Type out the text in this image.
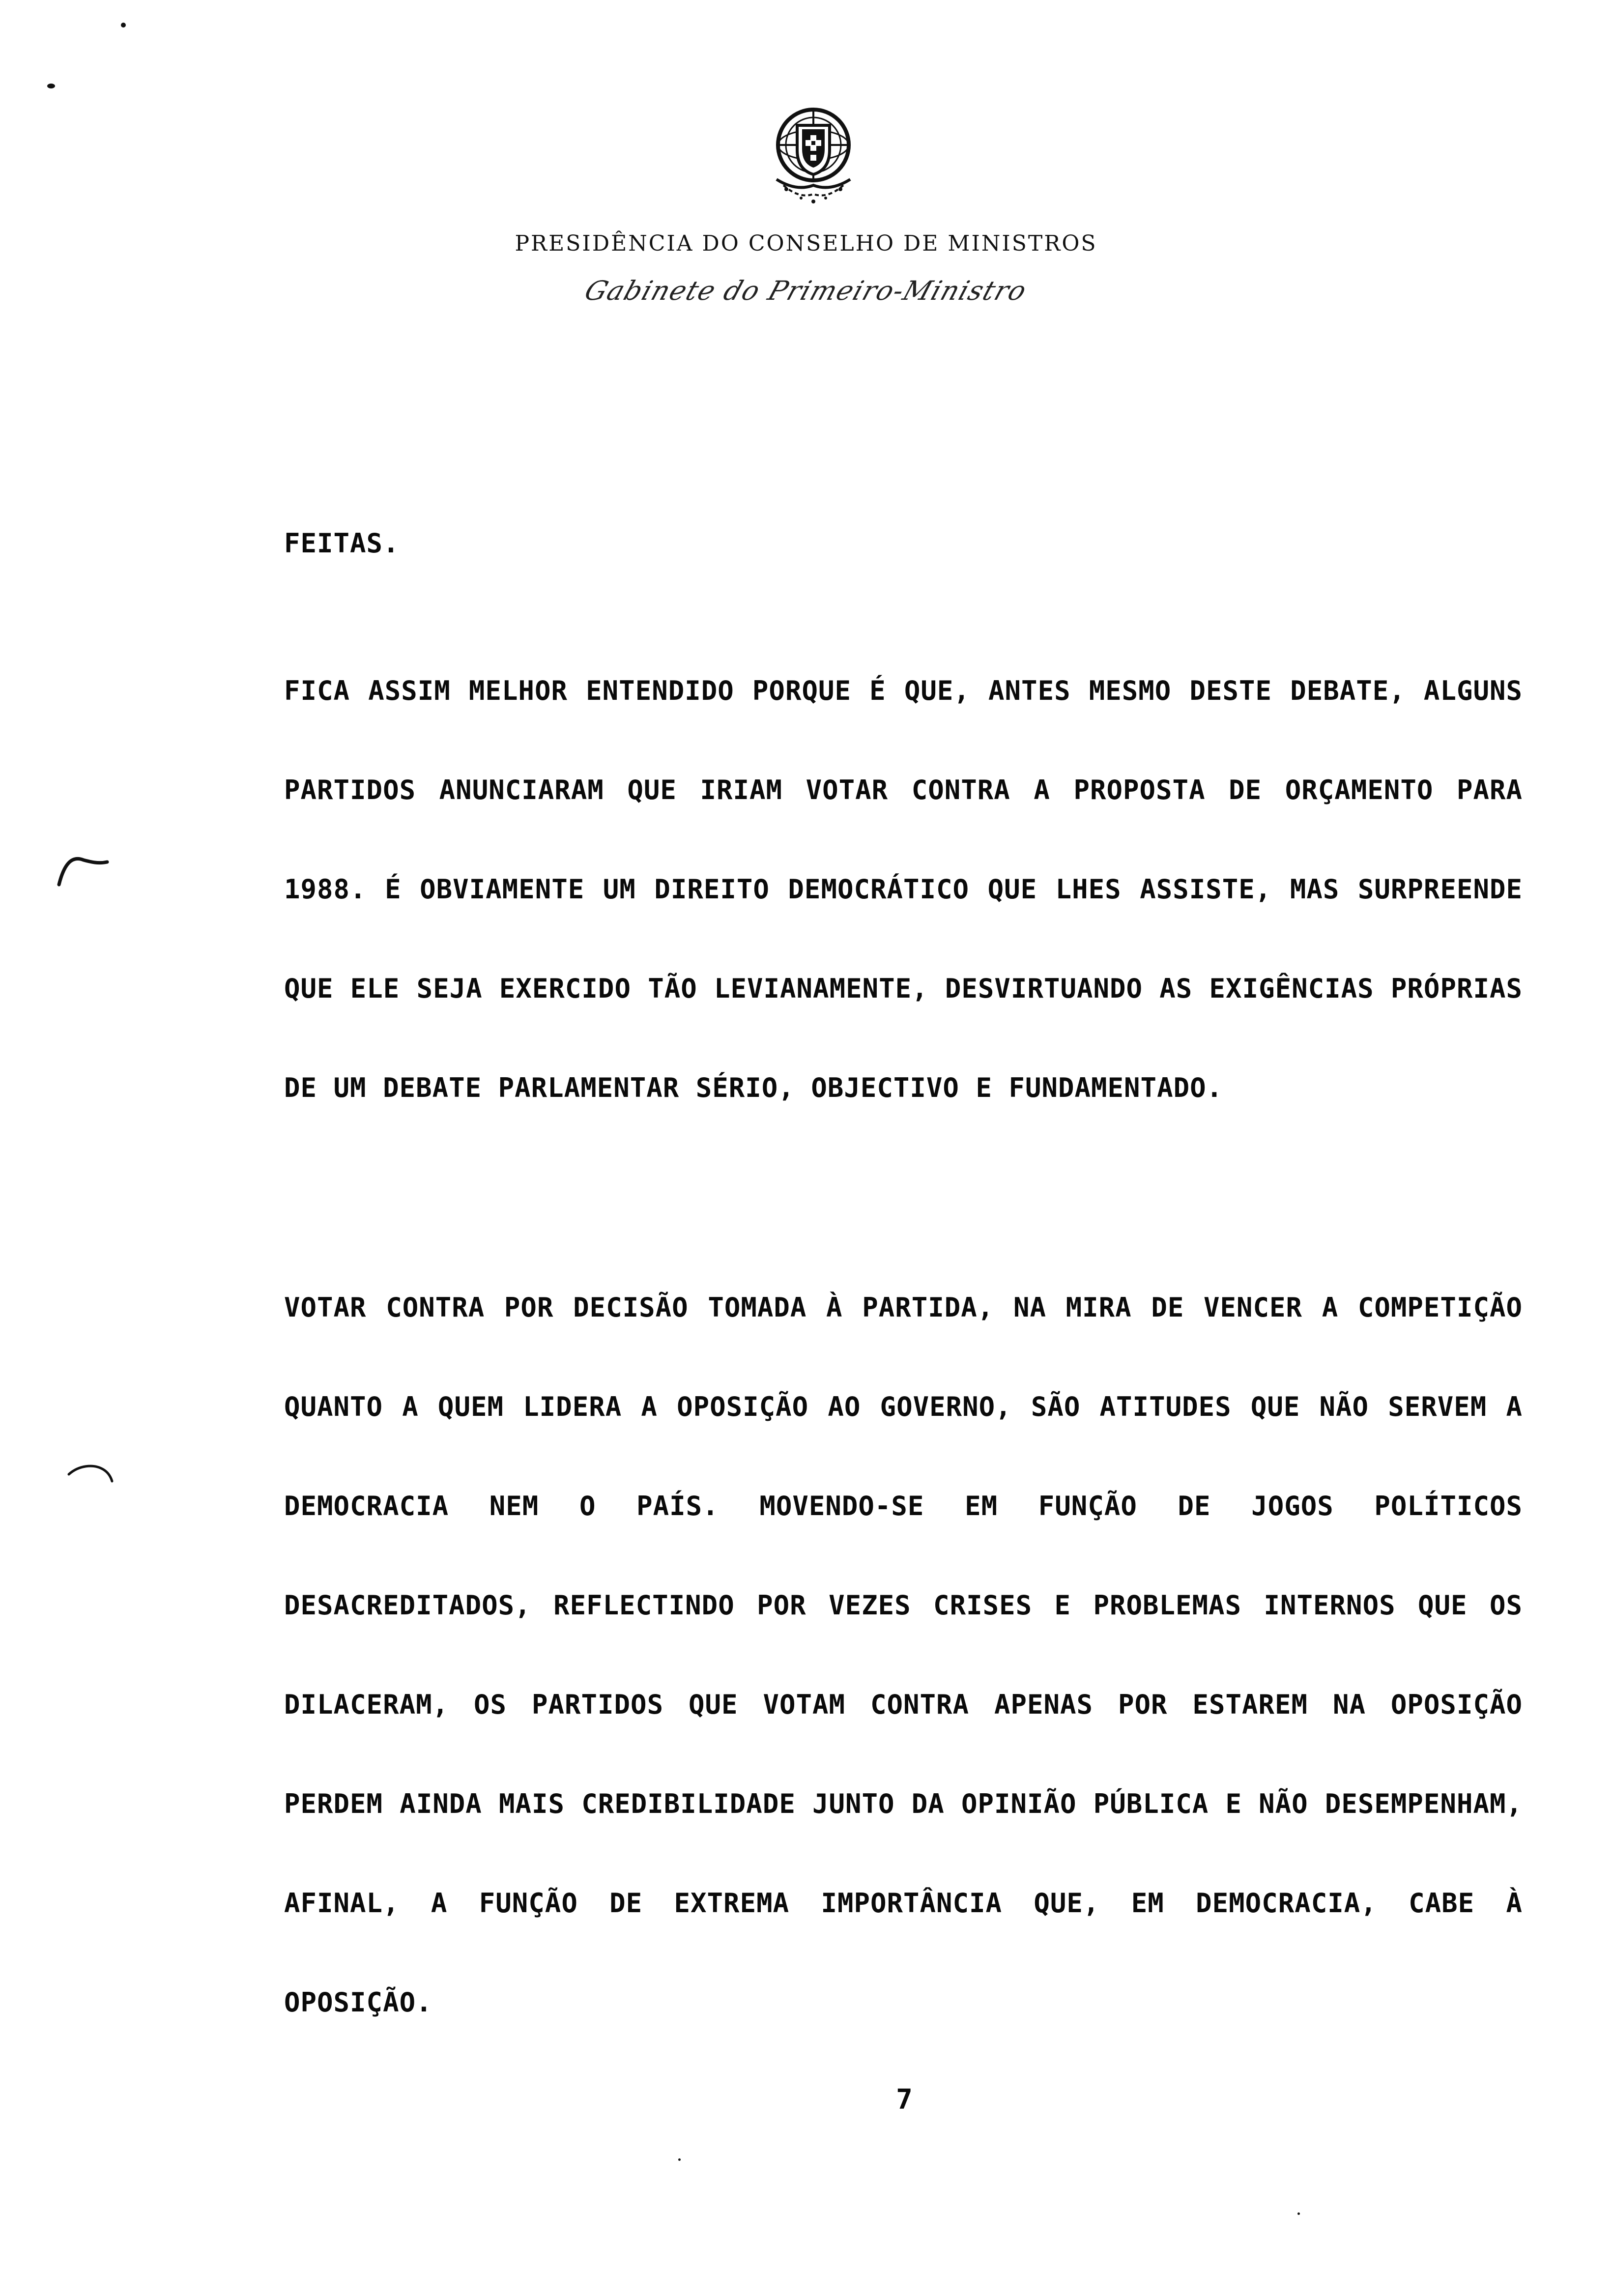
PRESIDÊNCIA DO CONSELHO DE MINISTROS
Gabinete do Primeiro-Ministro

FEITAS.

FICA ASSIM MELHOR ENTENDIDO PORQUE É QUE, ANTES MESMO DESTE DEBATE, ALGUNS PARTIDOS ANUNCIARAM QUE IRIAM VOTAR CONTRA A PROPOSTA DE ORÇAMENTO PARA 1988. É OBVIAMENTE UM DIREITO DEMOCRÁTICO QUE LHES ASSISTE, MAS SURPREENDE QUE ELE SEJA EXERCIDO TÃO LEVIANAMENTE, DESVIRTUANDO AS EXIGÊNCIAS PRÓPRIAS DE UM DEBATE PARLAMENTAR SÉRIO, OBJECTIVO E FUNDAMENTADO.

VOTAR CONTRA POR DECISÃO TOMADA À PARTIDA, NA MIRA DE VENCER A COMPETIÇÃO QUANTO A QUEM LIDERA A OPOSIÇÃO AO GOVERNO, SÃO ATITUDES QUE NÃO SERVEM A DEMOCRACIA NEM O PAÍS. MOVENDO-SE EM FUNÇÃO DE JOGOS POLÍTICOS DESACREDITADOS, REFLECTINDO POR VEZES CRISES E PROBLEMAS INTERNOS QUE OS DILACERAM, OS PARTIDOS QUE VOTAM CONTRA APENAS POR ESTAREM NA OPOSIÇÃO PERDEM AINDA MAIS CREDIBILIDADE JUNTO DA OPINIÃO PÚBLICA E NÃO DESEMPENHAM, AFINAL, A FUNÇÃO DE EXTREMA IMPORTÂNCIA QUE, EM DEMOCRACIA, CABE À OPOSIÇÃO.

7
